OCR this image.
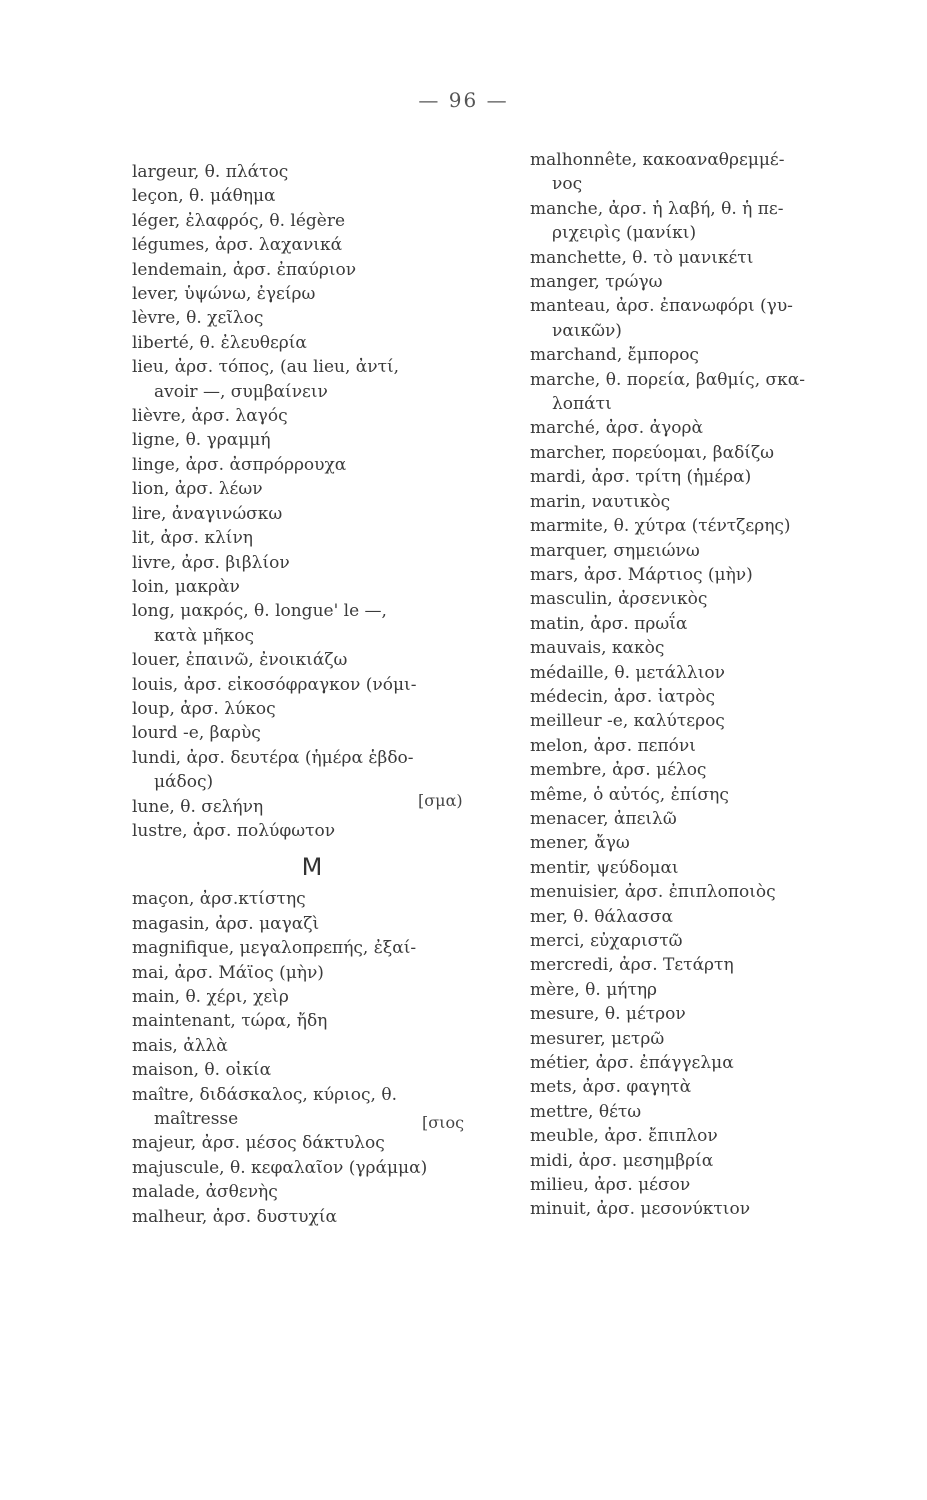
— 96 —

largeur, θ. πλάτος

leçon, θ. μάθημα

léger, ἐλαφρός, θ. légère

légumes, ἀρσ. λαχανικά

lendemain, ἀρσ. ἐπαύριον

lever, ὑψώνω, ἐγείρω

lèvre, θ. χεῖλος

liberté, θ. ἐλευθερία

lieu, ἀρσ. τόπος, (au lieu, ἀντί,
avoir —, συμβαίνειν

lièvre, ἀρσ. λαγός

ligne, θ. γραμμή

linge, ἀρσ. ἀσπρόρρουχα

lion, ἀρσ. λέων

lire, ἀναγινώσκω

lit, ἀρσ. κλίνη

livre, ἀρσ. βιβλίον

loin, μακρὰν

long, μακρός, θ. longue' le —,
κατὰ μῆκος

louer, ἐπαινῶ, ἐνοικιάζω

louis, ἀρσ. εἰκοσόφραγκον (νόμι-

loup, ἀρσ. λύκος

lourd -e, βαρὺς

lundi, ἀρσ. δευτέρα (ἡμέρα ἑβδο-
μάδος)

lune, θ. σελήνη

lustre, ἀρσ. πολύφωτον

M

maçon, ἀρσ.κτίστης

magasin, ἀρσ. μαγαζὶ

magnifique, μεγαλοπρεπής, ἐξαί-

mai, ἀρσ. Μάϊος (μὴν)

main, θ. χέρι, χεὶρ

maintenant, τώρα, ἤδη

mais, ἀλλὰ

maison, θ. οἰκία

maître, διδάσκαλος, κύριος, θ.
maîtresse

majeur, ἀρσ. μέσος δάκτυλος

majuscule, θ. κεφαλαῖον (γράμμα)

malade, ἀσθενὴς

malheur, ἀρσ. δυστυχία

[σμα)
[σιος

malhonnête, κακοαναθρεμμέ-
νος

manche, ἀρσ. ἡ λαβή, θ. ἡ πε-
ριχειρὶς (μανίκι)

manchette, θ. τὸ μανικέτι

manger, τρώγω

manteau, ἀρσ. ἐπανωφόρι (γυ-
ναικῶν)

marchand, ἔμπορος

marche, θ. πορεία, βαθμίς, σκα-
λοπάτι

marché, ἀρσ. ἀγορὰ

marcher, πορεύομαι, βαδίζω

mardi, ἀρσ. τρίτη (ἡμέρα)

marin, ναυτικὸς

marmite, θ. χύτρα (τέντζερης)

marquer, σημειώνω

mars, ἀρσ. Μάρτιος (μὴν)

masculin, ἀρσενικὸς

matin, ἀρσ. πρωΐα

mauvais, κακὸς

médaille, θ. μετάλλιον

médecin, ἀρσ. ἰατρὸς

meilleur -e, καλύτερος

melon, ἀρσ. πεπόνι

membre, ἀρσ. μέλος

même, ὁ αὐτός, ἐπίσης

menacer, ἀπειλῶ

mener, ἄγω

mentir, ψεύδομαι

menuisier, ἀρσ. ἐπιπλοποιὸς

mer, θ. θάλασσα

merci, εὐχαριστῶ

mercredi, ἀρσ. Τετάρτη

mère, θ. μήτηρ

mesure, θ. μέτρον

mesurer, μετρῶ

métier, ἀρσ. ἐπάγγελμα

mets, ἀρσ. φαγητὰ

mettre, θέτω

meuble, ἀρσ. ἔπιπλον

midi, ἀρσ. μεσημβρία

milieu, ἀρσ. μέσον

minuit, ἀρσ. μεσονύκτιον
